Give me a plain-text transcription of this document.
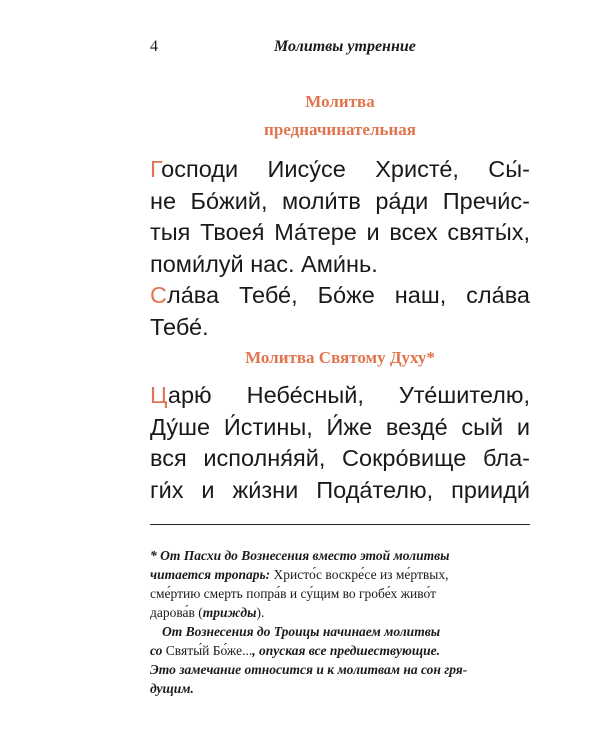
4	Молитвы утренние
Молитва
предначинательная
Господи Иису́се Христе́, Сы́-
не Бо́жий, моли́тв ра́ди Пречи́с-
тыя Твоея́ Ма́тере и всех святы́х,
поми́луй нас. Ами́нь.
Сла́ва Тебе́, Бо́же наш, сла́ва
Тебе́.
Молитва Святому Духу*
Царю́ Небе́сный, Уте́шителю,
Ду́ше И́стины, И́же везде́ сый и
вся исполня́яй, Сокро́вище бла-
ги́х и жи́зни Пода́телю, прииди́
* От Пасхи до Вознесения вместо этой молитвы
читается тропарь: Христо́с воскре́се из ме́ртвых,
сме́ртию смерть попра́в и су́щим во гробе́х живо́т
дарова́в (трижды).
От Вознесения до Троицы начинаем молитвы
со Святы́й Бо́же..., опуская все предшествующие.
Это замечание относится и к молитвам на сон гря-
дущим.
